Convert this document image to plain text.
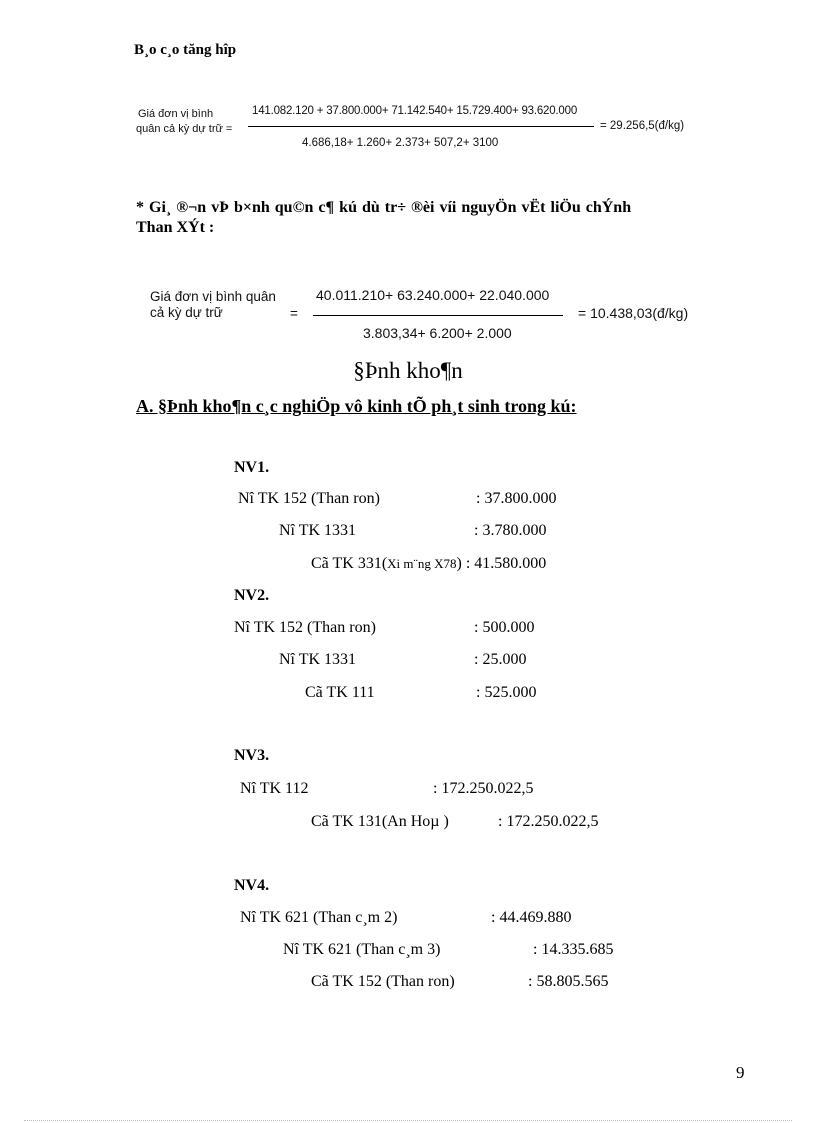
B¸o c¸o tăng hîp
Giá đơn vị bình
quân cả kỳ dự trữ =
141.082.120 + 37.800.000+ 71.142.540+ 15.729.400+ 93.620.000
4.686,18+ 1.260+ 2.373+ 507,2+ 3100
= 29.256,5(đ/kg)
* Gi¸ ®¬n vÞ b×nh qu©n c¶ kú dù tr÷ ®èi víi nguyÖn vËt liÖu chÝnh
Than XÝt :
Giá đơn vị bình quân
cả kỳ dự trữ	=
40.011.210+ 63.240.000+ 22.040.000
3.803,34+ 6.200+ 2.000
= 10.438,03(đ/kg)
§Þnh kho¶n
A. §Þnh kho¶n c¸c nghiÖp vô kinh tÕ ph¸t sinh trong kú:
NV1.
Nî TK 152 (Than ron)	: 37.800.000
Nî TK 1331	: 3.780.000
Cã TK 331(Xi m¨ng X78) : 41.580.000
NV2.
Nî TK 152 (Than ron)	: 500.000
Nî TK 1331	: 25.000
Cã TK 111	: 525.000
NV3.
Nî TK 112	: 172.250.022,5
Cã TK 131(An Hoµ )	: 172.250.022,5
NV4.
Nî TK 621 (Than c¸m 2)	: 44.469.880
Nî TK 621 (Than c¸m 3)	: 14.335.685
Cã TK 152 (Than ron)	: 58.805.565
9
